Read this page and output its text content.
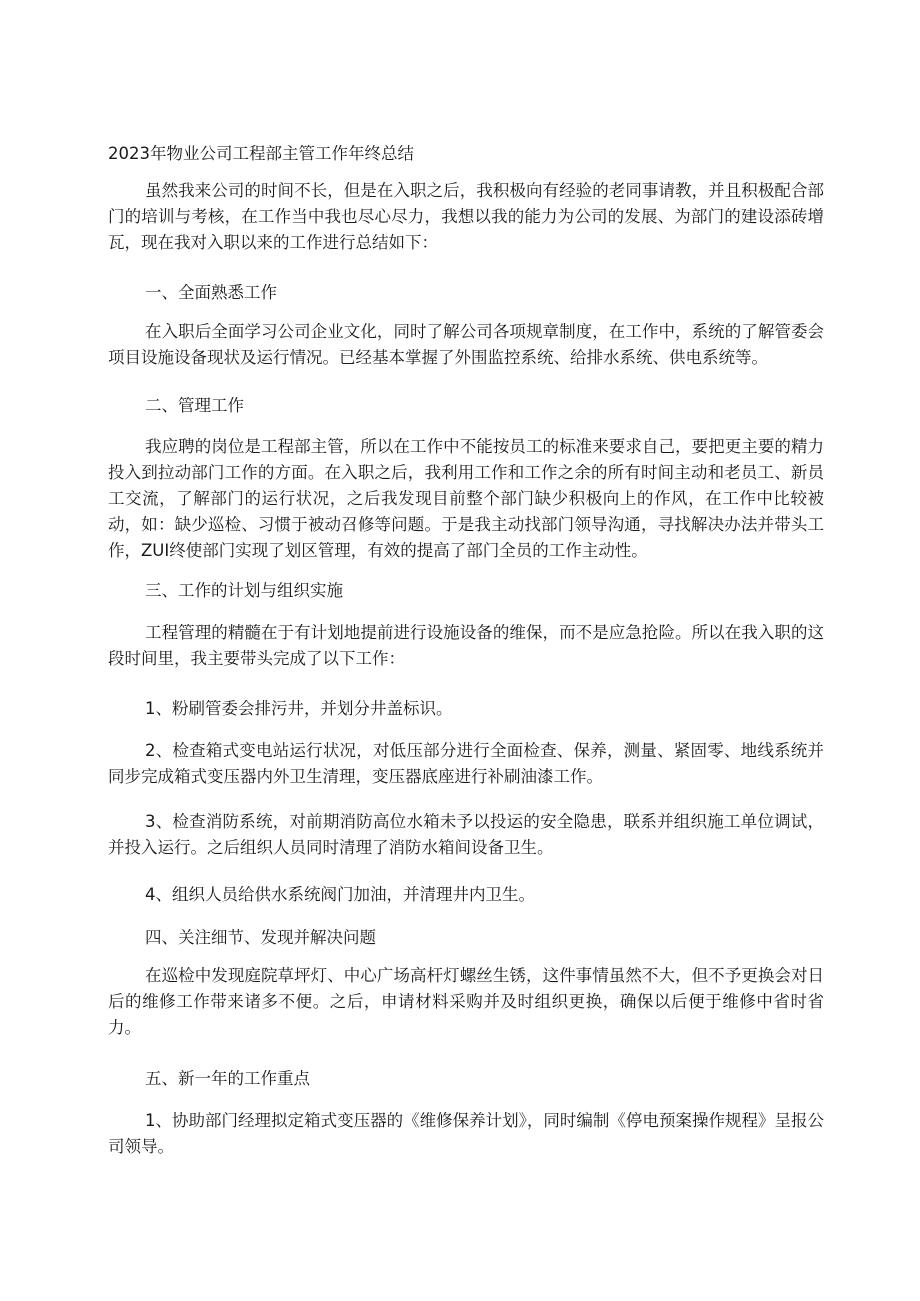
2023年物业公司工程部主管工作年终总结

虽然我来公司的时间不长，但是在入职之后，我积极向有经验的老同事请教，并且积极配合部门的培训与考核，在工作当中我也尽心尽力，我想以我的能力为公司的发展、为部门的建设添砖增瓦，现在我对入职以来的工作进行总结如下：

一、全面熟悉工作

在入职后全面学习公司企业文化，同时了解公司各项规章制度，在工作中，系统的了解管委会项目设施设备现状及运行情况。已经基本掌握了外围监控系统、给排水系统、供电系统等。

二、管理工作

我应聘的岗位是工程部主管，所以在工作中不能按员工的标准来要求自己，要把更主要的精力投入到拉动部门工作的方面。在入职之后，我利用工作和工作之余的所有时间主动和老员工、新员工交流，了解部门的运行状况，之后我发现目前整个部门缺少积极向上的作风，在工作中比较被动，如：缺少巡检、习惯于被动召修等问题。于是我主动找部门领导沟通，寻找解决办法并带头工作，ZUI终使部门实现了划区管理，有效的提高了部门全员的工作主动性。

三、工作的计划与组织实施

工程管理的精髓在于有计划地提前进行设施设备的维保，而不是应急抢险。所以在我入职的这段时间里，我主要带头完成了以下工作：

1、粉刷管委会排污井，并划分井盖标识。

2、检查箱式变电站运行状况，对低压部分进行全面检查、保养，测量、紧固零、地线系统并同步完成箱式变压器内外卫生清理，变压器底座进行补刷油漆工作。

3、检查消防系统，对前期消防高位水箱未予以投运的安全隐患，联系并组织施工单位调试，并投入运行。之后组织人员同时清理了消防水箱间设备卫生。

4、组织人员给供水系统阀门加油，并清理井内卫生。

四、关注细节、发现并解决问题

在巡检中发现庭院草坪灯、中心广场高杆灯螺丝生锈，这件事情虽然不大，但不予更换会对日后的维修工作带来诸多不便。之后，申请材料采购并及时组织更换，确保以后便于维修中省时省力。

五、新一年的工作重点

1、协助部门经理拟定箱式变压器的《维修保养计划》，同时编制《停电预案操作规程》呈报公司领导。
